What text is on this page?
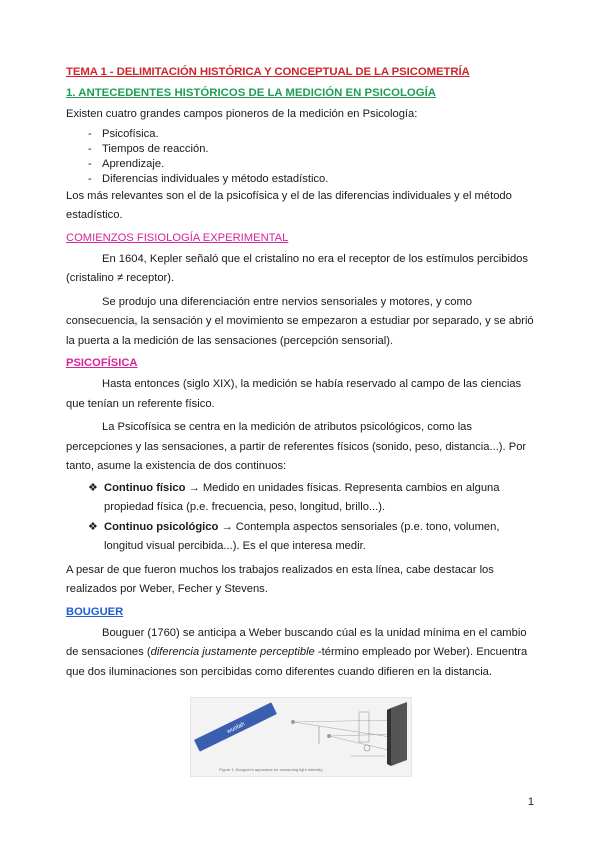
TEMA 1 - DELIMITACIÓN HISTÓRICA Y CONCEPTUAL DE LA PSICOMETRÍA
1. ANTECEDENTES HISTÓRICOS DE LA MEDICIÓN EN PSICOLOGÍA

Existen cuatro grandes campos pioneros de la medición en Psicología:

- Psicofísica.
- Tiempos de reacción.
- Aprendizaje.
- Diferencias individuales y método estadístico.

Los más relevantes son el de la psicofísica y el de las diferencias individuales y el método estadístico.

COMIENZOS FISIOLOGÍA EXPERIMENTAL

En 1604, Kepler señaló que el cristalino no era el receptor de los estímulos percibidos (cristalino ≠ receptor).

Se produjo una diferenciación entre nervios sensoriales y motores, y como consecuencia, la sensación y el movimiento se empezaron a estudiar por separado, y se abrió la puerta a la medición de las sensaciones (percepción sensorial).

PSICOFÍSICA

Hasta entonces (siglo XIX), la medición se había reservado al campo de las ciencias que tenían un referente físico.

La Psicofísica se centra en la medición de atributos psicológicos, como las percepciones y las sensaciones, a partir de referentes físicos (sonido, peso, distancia...). Por tanto, asume la existencia de dos continuos:

❖ Continuo físico → Medido en unidades físicas. Representa cambios en alguna propiedad física (p.e. frecuencia, peso, longitud, brillo...).
❖ Continuo psicológico → Contempla aspectos sensoriales (p.e. tono, volumen, longitud visual percibida...). Es el que interesa medir.

A pesar de que fueron muchos los trabajos realizados en esta línea, cabe destacar los realizados por Weber, Fecher y Stevens.

BOUGUER

Bouguer (1760) se anticipa a Weber buscando cúal es la unidad mínima en el cambio de sensaciones (diferencia justamente perceptible -término empleado por Weber). Encuentra que dos iluminaciones son percibidas como diferentes cuando difieren en la distancia.

wuolah
Figure 1. Bouguer's apparatus for measuring light intensity
1
